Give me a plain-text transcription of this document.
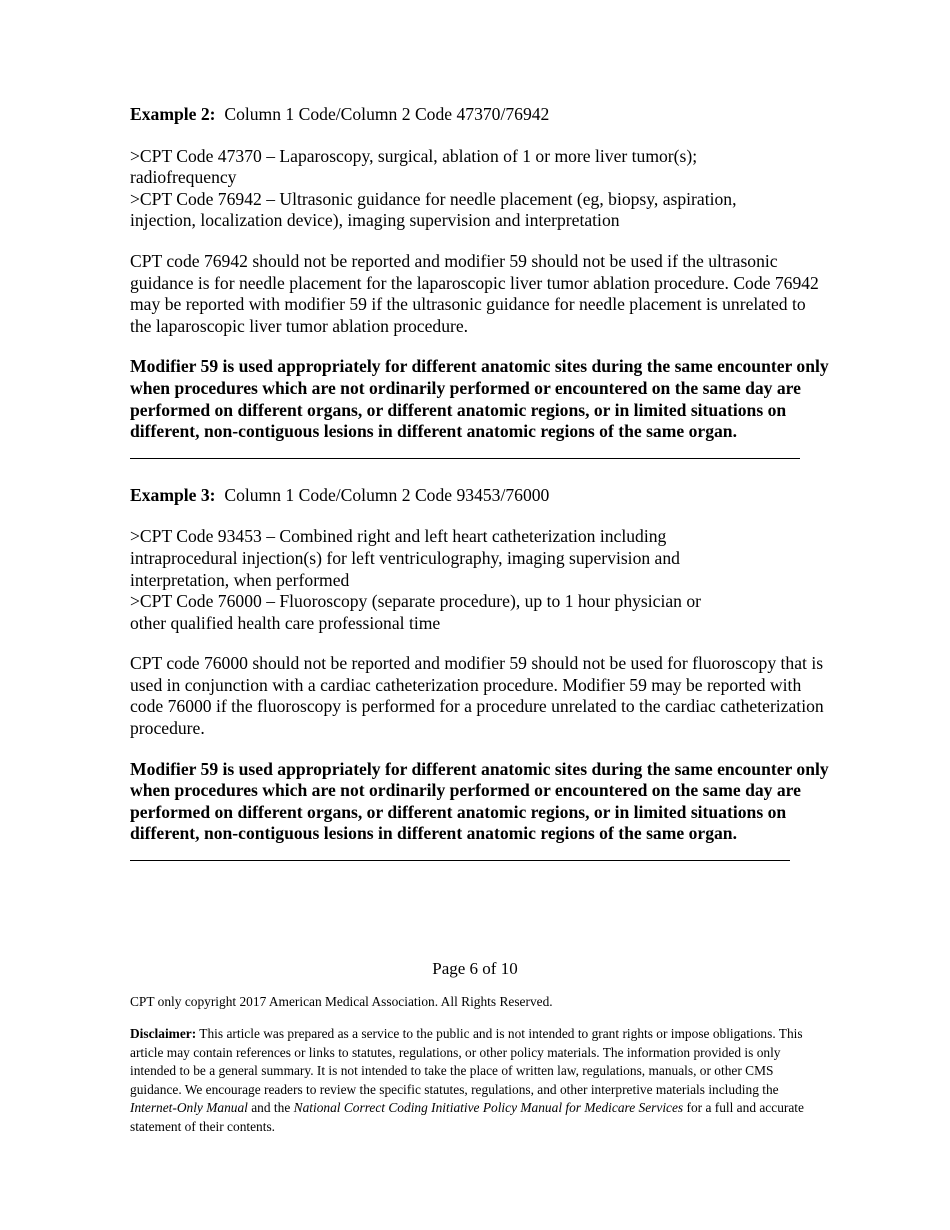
Example 2: Column 1 Code/Column 2 Code 47370/76942

>CPT Code 47370 – Laparoscopy, surgical, ablation of 1 or more liver tumor(s); radiofrequency

>CPT Code 76942 – Ultrasonic guidance for needle placement (eg, biopsy, aspiration, injection, localization device), imaging supervision and interpretation

CPT code 76942 should not be reported and modifier 59 should not be used if the ultrasonic guidance is for needle placement for the laparoscopic liver tumor ablation procedure. Code 76942 may be reported with modifier 59 if the ultrasonic guidance for needle placement is unrelated to the laparoscopic liver tumor ablation procedure.

Modifier 59 is used appropriately for different anatomic sites during the same encounter only when procedures which are not ordinarily performed or encountered on the same day are performed on different organs, or different anatomic regions, or in limited situations on different, non-contiguous lesions in different anatomic regions of the same organ.

Example 3: Column 1 Code/Column 2 Code 93453/76000

>CPT Code 93453 – Combined right and left heart catheterization including intraprocedural injection(s) for left ventriculography, imaging supervision and interpretation, when performed

>CPT Code 76000 – Fluoroscopy (separate procedure), up to 1 hour physician or other qualified health care professional time

CPT code 76000 should not be reported and modifier 59 should not be used for fluoroscopy that is used in conjunction with a cardiac catheterization procedure. Modifier 59 may be reported with code 76000 if the fluoroscopy is performed for a procedure unrelated to the cardiac catheterization procedure.

Modifier 59 is used appropriately for different anatomic sites during the same encounter only when procedures which are not ordinarily performed or encountered on the same day are performed on different organs, or different anatomic regions, or in limited situations on different, non-contiguous lesions in different anatomic regions of the same organ.

Page 6 of 10
CPT only copyright 2017 American Medical Association. All Rights Reserved.
Disclaimer: This article was prepared as a service to the public and is not intended to grant rights or impose obligations. This article may contain references or links to statutes, regulations, or other policy materials. The information provided is only intended to be a general summary. It is not intended to take the place of written law, regulations, manuals, or other CMS guidance. We encourage readers to review the specific statutes, regulations, and other interpretive materials including the Internet-Only Manual and the National Correct Coding Initiative Policy Manual for Medicare Services for a full and accurate statement of their contents.
